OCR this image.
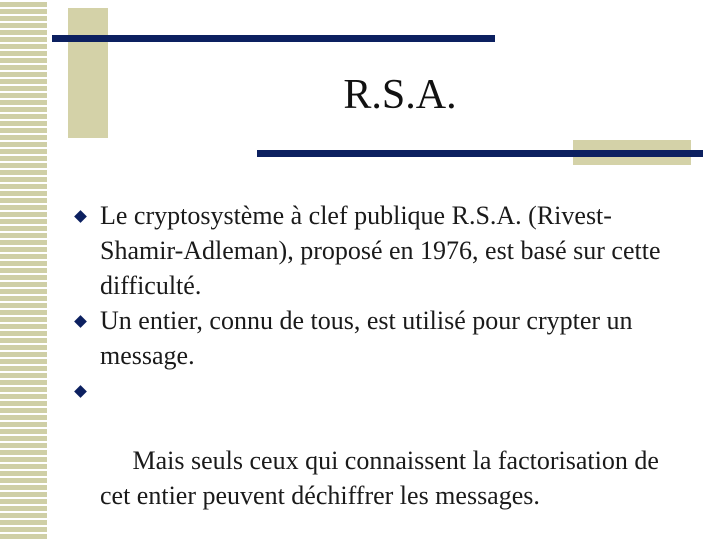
R.S.A.
Le cryptosystème à clef publique R.S.A. (Rivest-Shamir-Adleman), proposé en 1976, est basé sur cette difficulté.
Un entier, connu de tous, est utilisé pour crypter un message.

Mais seuls ceux qui connaissent la factorisation de cet entier peuvent déchiffrer les messages.
